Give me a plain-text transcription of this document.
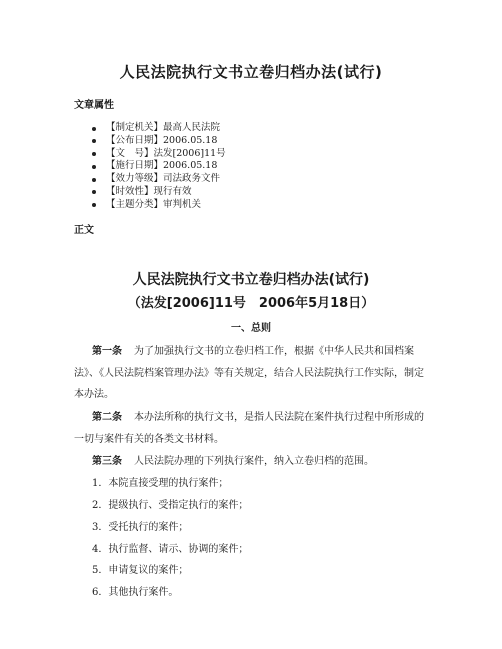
人民法院执行文书立卷归档办法(试行)
文章属性
【制定机关】最高人民法院
【公布日期】2006.05.18
【文　号】法发[2006]11号
【施行日期】2006.05.18
【效力等级】司法政务文件
【时效性】现行有效
【主题分类】审判机关
正文
人民法院执行文书立卷归档办法(试行)
（法发[2006]11号　2006年5月18日）
一、总则
第一条 为了加强执行文书的立卷归档工作，根据《中华人民共和国档案
法》、《人民法院档案管理办法》等有关规定，结合人民法院执行工作实际，制定
本办法。
第二条 本办法所称的执行文书，是指人民法院在案件执行过程中所形成的
一切与案件有关的各类文书材料。
第三条 人民法院办理的下列执行案件，纳入立卷归档的范围。
1．本院直接受理的执行案件；
2．提级执行、受指定执行的案件；
3．受托执行的案件；
4．执行监督、请示、协调的案件；
5．申请复议的案件；
6．其他执行案件。
